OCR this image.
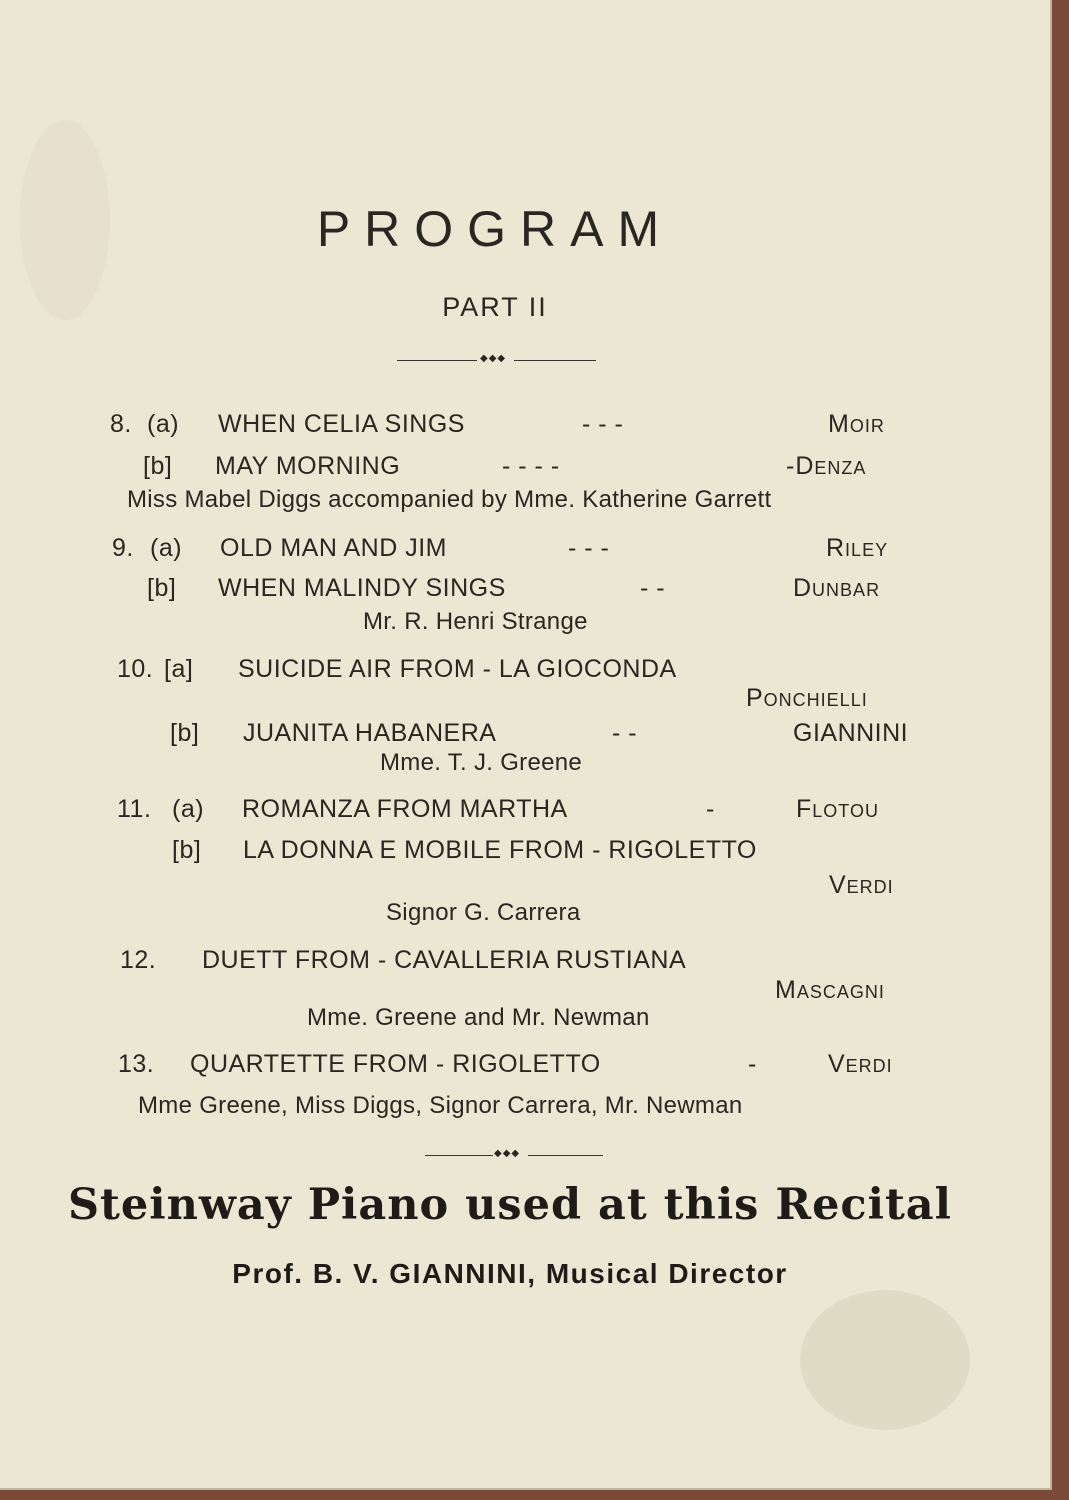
PROGRAM
PART II
◆◆◆
8. (a) WHEN CELIA SINGS	- - -	Moir
[b] MAY MORNING	- - - -	-Denza
Miss Mabel Diggs accompanied by Mme. Katherine Garrett
9. (a) OLD MAN AND JIM	- - -	Riley
[b] WHEN MALINDY SINGS	- -	Dunbar
Mr. R. Henri Strange
10. [a] SUICIDE AIR FROM - LA GIOCONDA
Ponchielli
[b] JUANITA HABANERA	- -	GIANNINI
Mme. T. J. Greene
11. (a) ROMANZA FROM MARTHA	-	Flotou
[b] LA DONNA E MOBILE FROM - RIGOLETTO
Verdi
Signor G. Carrera
12. DUETT FROM - CAVALLERIA RUSTIANA
Mascagni
Mme. Greene and Mr. Newman
13. QUARTETTE FROM - RIGOLETTO	-	Verdi
Mme Greene, Miss Diggs, Signor Carrera, Mr. Newman
◆◆◆
Steinway Piano used at this Recital
Prof. B. V. GIANNINI, Musical Director
